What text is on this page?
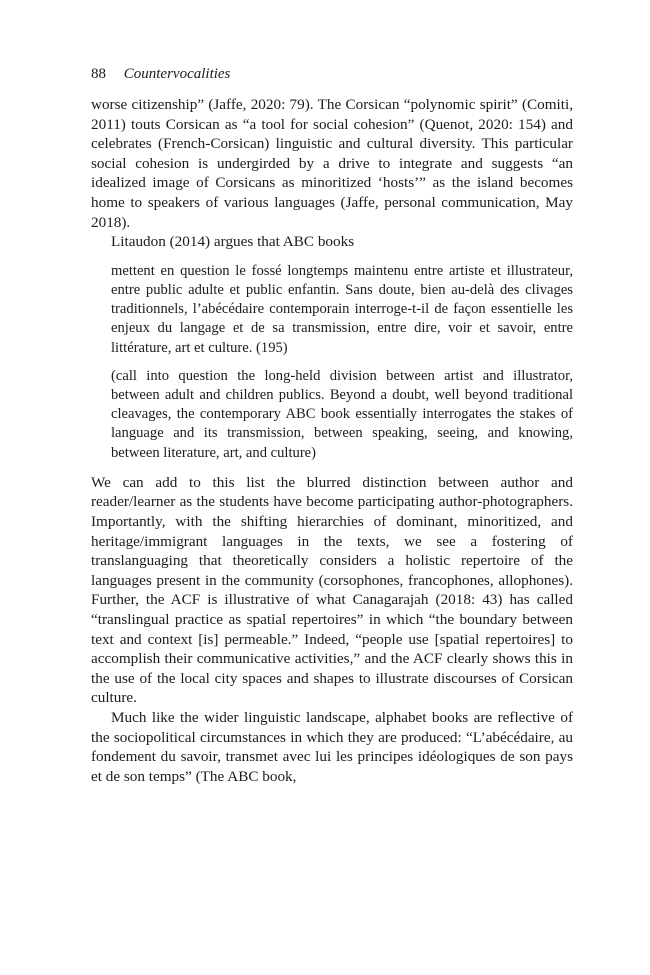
88 Countervocalities

worse citizenship” (Jaffe, 2020: 79). The Corsican “polynomic spirit” (Comiti, 2011) touts Corsican as “a tool for social cohesion” (Quenot, 2020: 154) and celebrates (French-Corsican) linguistic and cultural diversity. This particular social cohesion is undergirded by a drive to integrate and suggests “an idealized image of Corsicans as minoritized ‘hosts’” as the island becomes home to speakers of various languages (Jaffe, personal communication, May 2018).

Litaudon (2014) argues that ABC books

mettent en question le fossé longtemps maintenu entre artiste et illustrateur, entre public adulte et public enfantin. Sans doute, bien au-delà des clivages traditionnels, l’abécédaire contemporain interroge-t-il de façon essentielle les enjeux du langage et de sa transmission, entre dire, voir et savoir, entre littérature, art et culture. (195)

(call into question the long-held division between artist and illustrator, between adult and children publics. Beyond a doubt, well beyond traditional cleavages, the contemporary ABC book essentially interrogates the stakes of language and its transmission, between speaking, seeing, and knowing, between literature, art, and culture)

We can add to this list the blurred distinction between author and reader/learner as the students have become participating author-photographers. Importantly, with the shifting hierarchies of dominant, minoritized, and heritage/immigrant languages in the texts, we see a fostering of translanguaging that theoretically considers a holistic repertoire of the languages present in the community (corsophones, francophones, allophones). Further, the ACF is illustrative of what Canagarajah (2018: 43) has called “translingual practice as spatial repertoires” in which “the boundary between text and context [is] permeable.” Indeed, “people use [spatial repertoires] to accomplish their communicative activities,” and the ACF clearly shows this in the use of the local city spaces and shapes to illustrate discourses of Corsican culture.

Much like the wider linguistic landscape, alphabet books are reflective of the sociopolitical circumstances in which they are produced: “L’abécédaire, au fondement du savoir, transmet avec lui les principes idéologiques de son pays et de son temps” (The ABC book,
